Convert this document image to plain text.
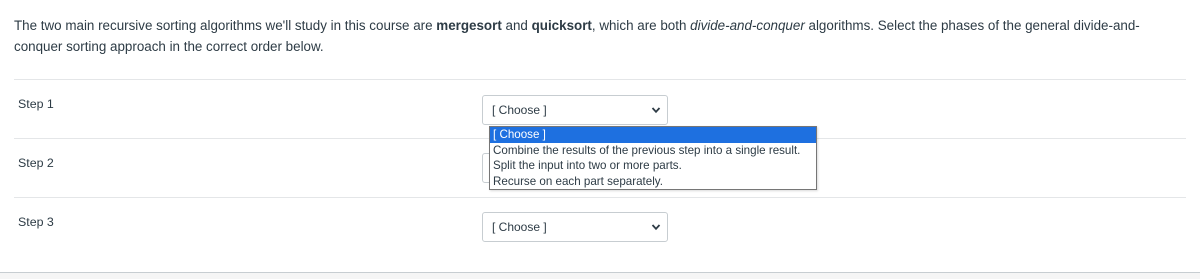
The two main recursive sorting algorithms we'll study in this course are mergesort and quicksort, which are both divide-and-conquer algorithms. Select the phases of the general divide-and-conquer sorting approach in the correct order below.
Step 1	[ Choose ]
Step 2
Step 3	[ Choose ]
[ Choose ]
Combine the results of the previous step into a single result.
Split the input into two or more parts.
Recurse on each part separately.
